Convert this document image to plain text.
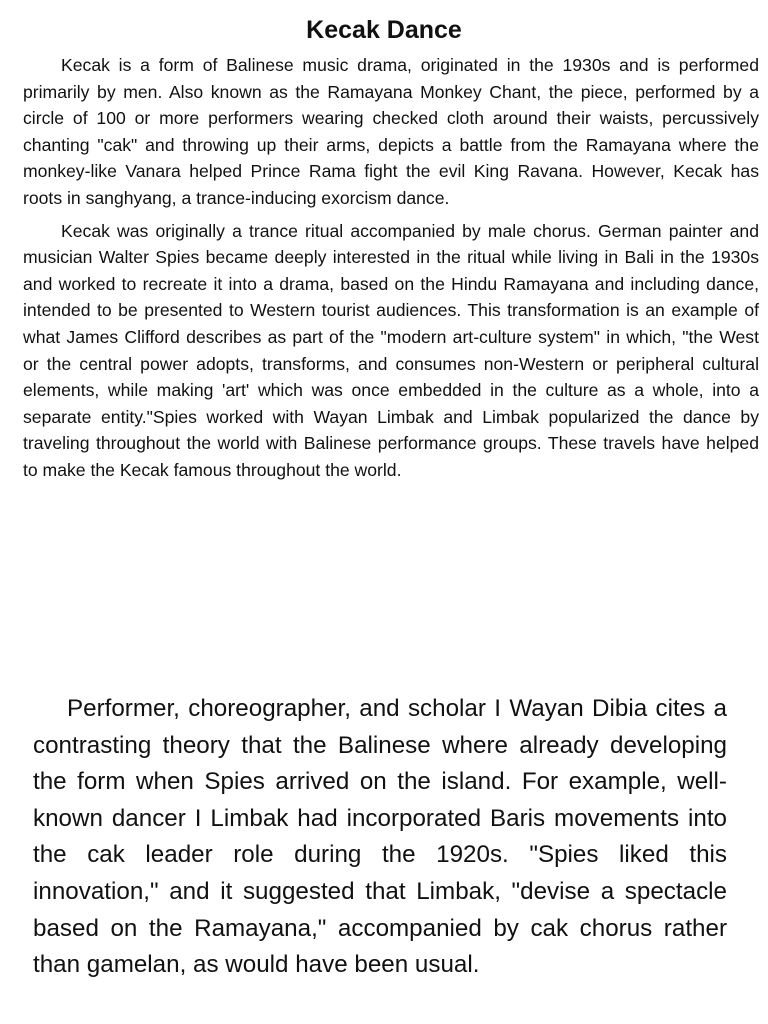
Kecak Dance

Kecak is a form of Balinese music drama, originated in the 1930s and is performed primarily by men. Also known as the Ramayana Monkey Chant, the piece, performed by a circle of 100 or more performers wearing checked cloth around their waists, percussively chanting "cak" and throwing up their arms, depicts a battle from the Ramayana where the monkey-like Vanara helped Prince Rama fight the evil King Ravana. However, Kecak has roots in sanghyang, a trance-inducing exorcism dance.

Kecak was originally a trance ritual accompanied by male chorus. German painter and musician Walter Spies became deeply interested in the ritual while living in Bali in the 1930s and worked to recreate it into a drama, based on the Hindu Ramayana and including dance, intended to be presented to Western tourist audiences. This transformation is an example of what James Clifford describes as part of the "modern art-culture system" in which, "the West or the central power adopts, transforms, and consumes non-Western or peripheral cultural elements, while making 'art' which was once embedded in the culture as a whole, into a separate entity."Spies worked with Wayan Limbak and Limbak popularized the dance by traveling throughout the world with Balinese performance groups. These travels have helped to make the Kecak famous throughout the world.

Performer, choreographer, and scholar I Wayan Dibia cites a contrasting theory that the Balinese where already developing the form when Spies arrived on the island. For example, well-known dancer I Limbak had incorporated Baris movements into the cak leader role during the 1920s. "Spies liked this innovation," and it suggested that Limbak, "devise a spectacle based on the Ramayana," accompanied by cak chorus rather than gamelan, as would have been usual.
